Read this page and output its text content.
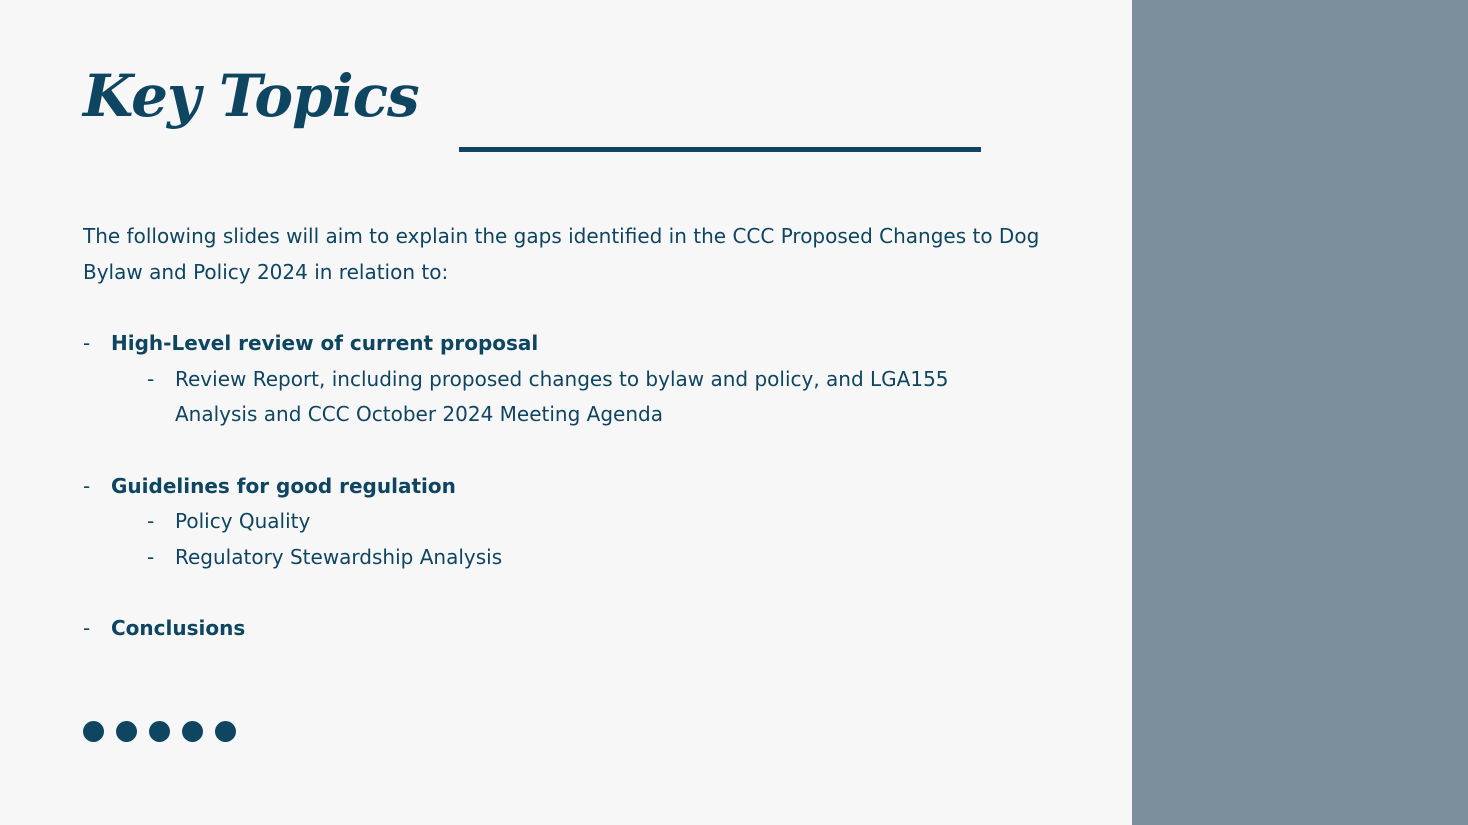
Key Topics

The following slides will aim to explain the gaps identified in the CCC Proposed Changes to Dog Bylaw and Policy 2024 in relation to:

- High-Level review of current proposal
- Review Report, including proposed changes to bylaw and policy, and LGA155 Analysis and CCC October 2024 Meeting Agenda
- Guidelines for good regulation
- Policy Quality
- Regulatory Stewardship Analysis
- Conclusions
